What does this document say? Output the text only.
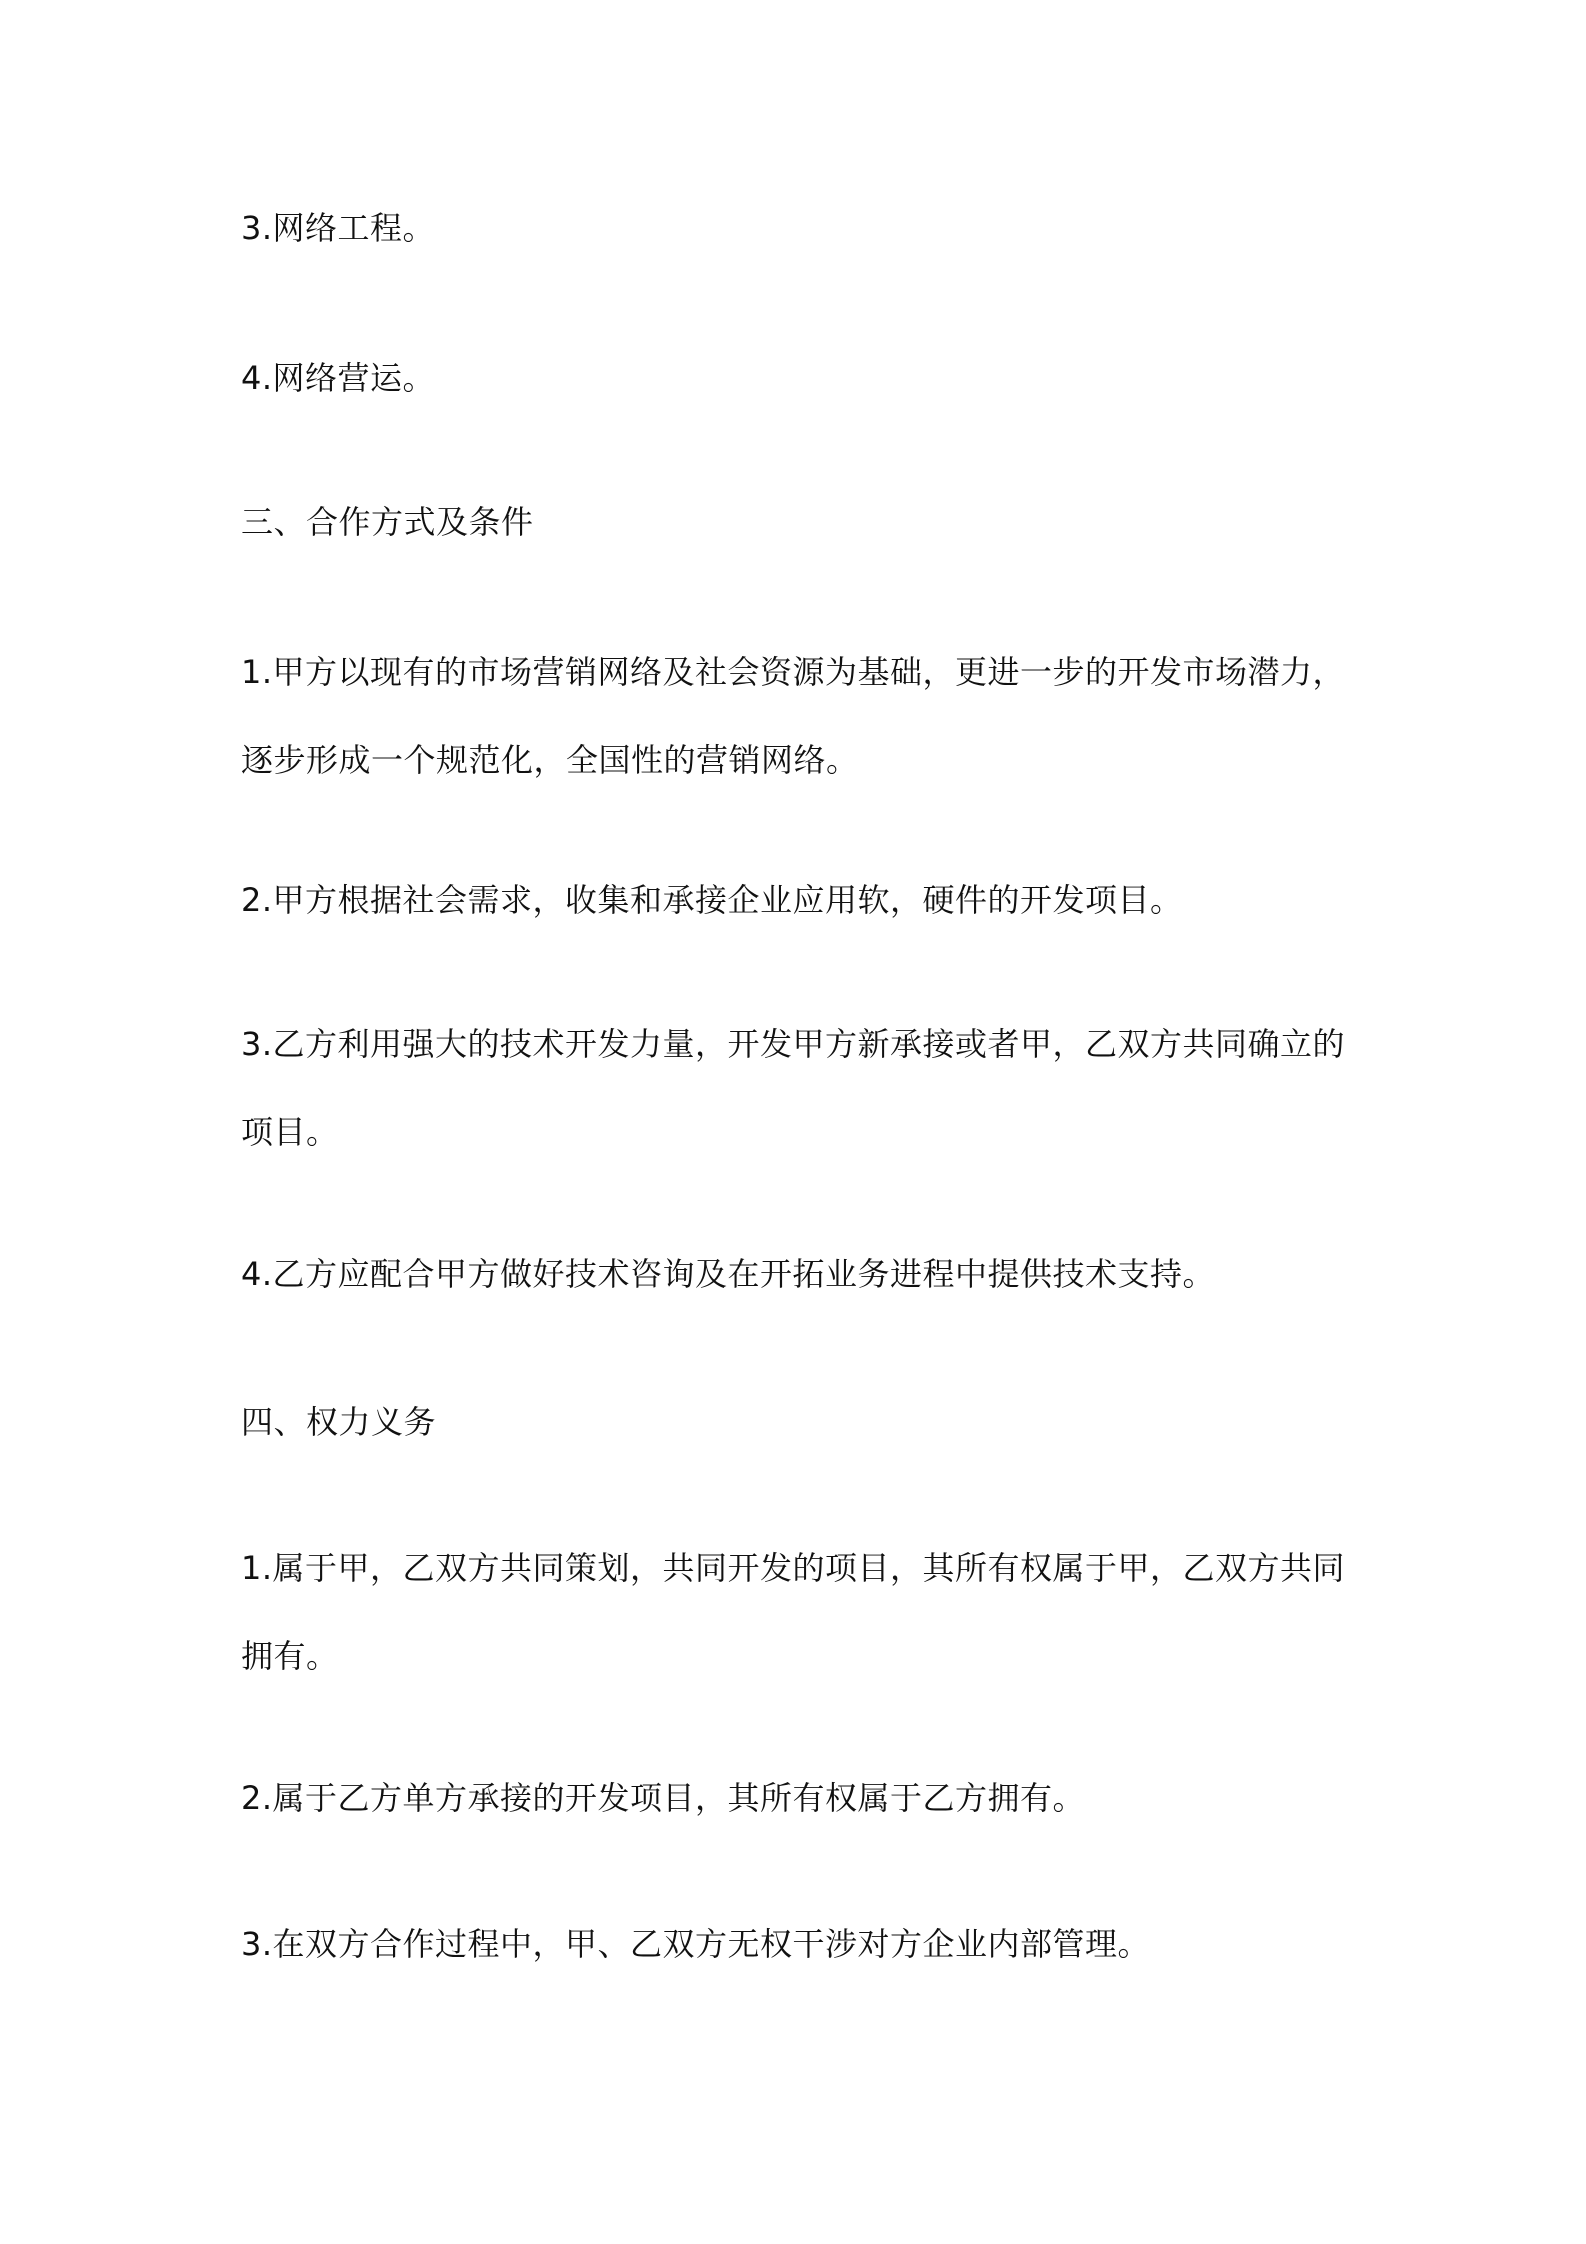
3.网络工程。

4.网络营运。

三、合作方式及条件

1.甲方以现有的市场营销网络及社会资源为基础，更进一步的开发市场潜力，逐步形成一个规范化，全国性的营销网络。

2.甲方根据社会需求，收集和承接企业应用软，硬件的开发项目。

3.乙方利用强大的技术开发力量，开发甲方新承接或者甲，乙双方共同确立的项目。

4.乙方应配合甲方做好技术咨询及在开拓业务进程中提供技术支持。

四、权力义务

1.属于甲，乙双方共同策划，共同开发的项目，其所有权属于甲，乙双方共同拥有。

2.属于乙方单方承接的开发项目，其所有权属于乙方拥有。

3.在双方合作过程中，甲、乙双方无权干涉对方企业内部管理。
